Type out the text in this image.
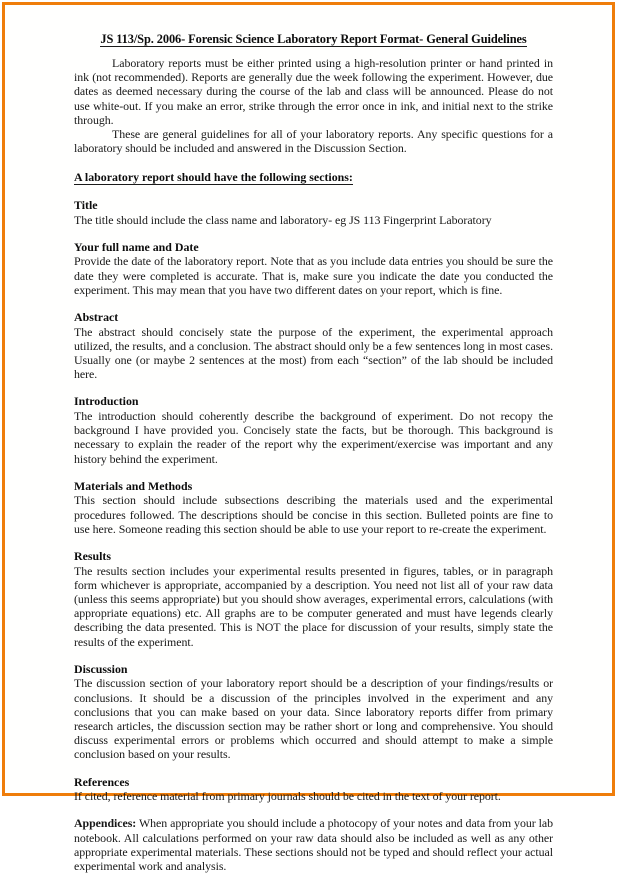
JS 113/Sp. 2006- Forensic Science Laboratory Report Format- General Guidelines

Laboratory reports must be either printed using a high-resolution printer or hand printed in ink (not recommended). Reports are generally due the week following the experiment. However, due dates as deemed necessary during the course of the lab and class will be announced. Please do not use white-out. If you make an error, strike through the error once in ink, and initial next to the strike through.

These are general guidelines for all of your laboratory reports. Any specific questions for a laboratory should be included and answered in the Discussion Section.

A laboratory report should have the following sections:
Title

The title should include the class name and laboratory- eg JS 113 Fingerprint Laboratory

Your full name and Date

Provide the date of the laboratory report. Note that as you include data entries you should be sure the date they were completed is accurate. That is, make sure you indicate the date you conducted the experiment. This may mean that you have two different dates on your report, which is fine.

Abstract

The abstract should concisely state the purpose of the experiment, the experimental approach utilized, the results, and a conclusion. The abstract should only be a few sentences long in most cases. Usually one (or maybe 2 sentences at the most) from each “section” of the lab should be included here.

Introduction

The introduction should coherently describe the background of experiment. Do not recopy the background I have provided you. Concisely state the facts, but be thorough. This background is necessary to explain the reader of the report why the experiment/exercise was important and any history behind the experiment.

Materials and Methods

This section should include subsections describing the materials used and the experimental procedures followed. The descriptions should be concise in this section. Bulleted points are fine to use here. Someone reading this section should be able to use your report to re-create the experiment.

Results

The results section includes your experimental results presented in figures, tables, or in paragraph form whichever is appropriate, accompanied by a description. You need not list all of your raw data (unless this seems appropriate) but you should show averages, experimental errors, calculations (with appropriate equations) etc. All graphs are to be computer generated and must have legends clearly describing the data presented. This is NOT the place for discussion of your results, simply state the results of the experiment.

Discussion

The discussion section of your laboratory report should be a description of your findings/results or conclusions. It should be a discussion of the principles involved in the experiment and any conclusions that you can make based on your data. Since laboratory reports differ from primary research articles, the discussion section may be rather short or long and comprehensive. You should discuss experimental errors or problems which occurred and should attempt to make a simple conclusion based on your results.

References

If cited, reference material from primary journals should be cited in the text of your report.

Appendices: When appropriate you should include a photocopy of your notes and data from your lab notebook. All calculations performed on your raw data should also be included as well as any other appropriate experimental materials. These sections should not be typed and should reflect your actual experimental work and analysis.
